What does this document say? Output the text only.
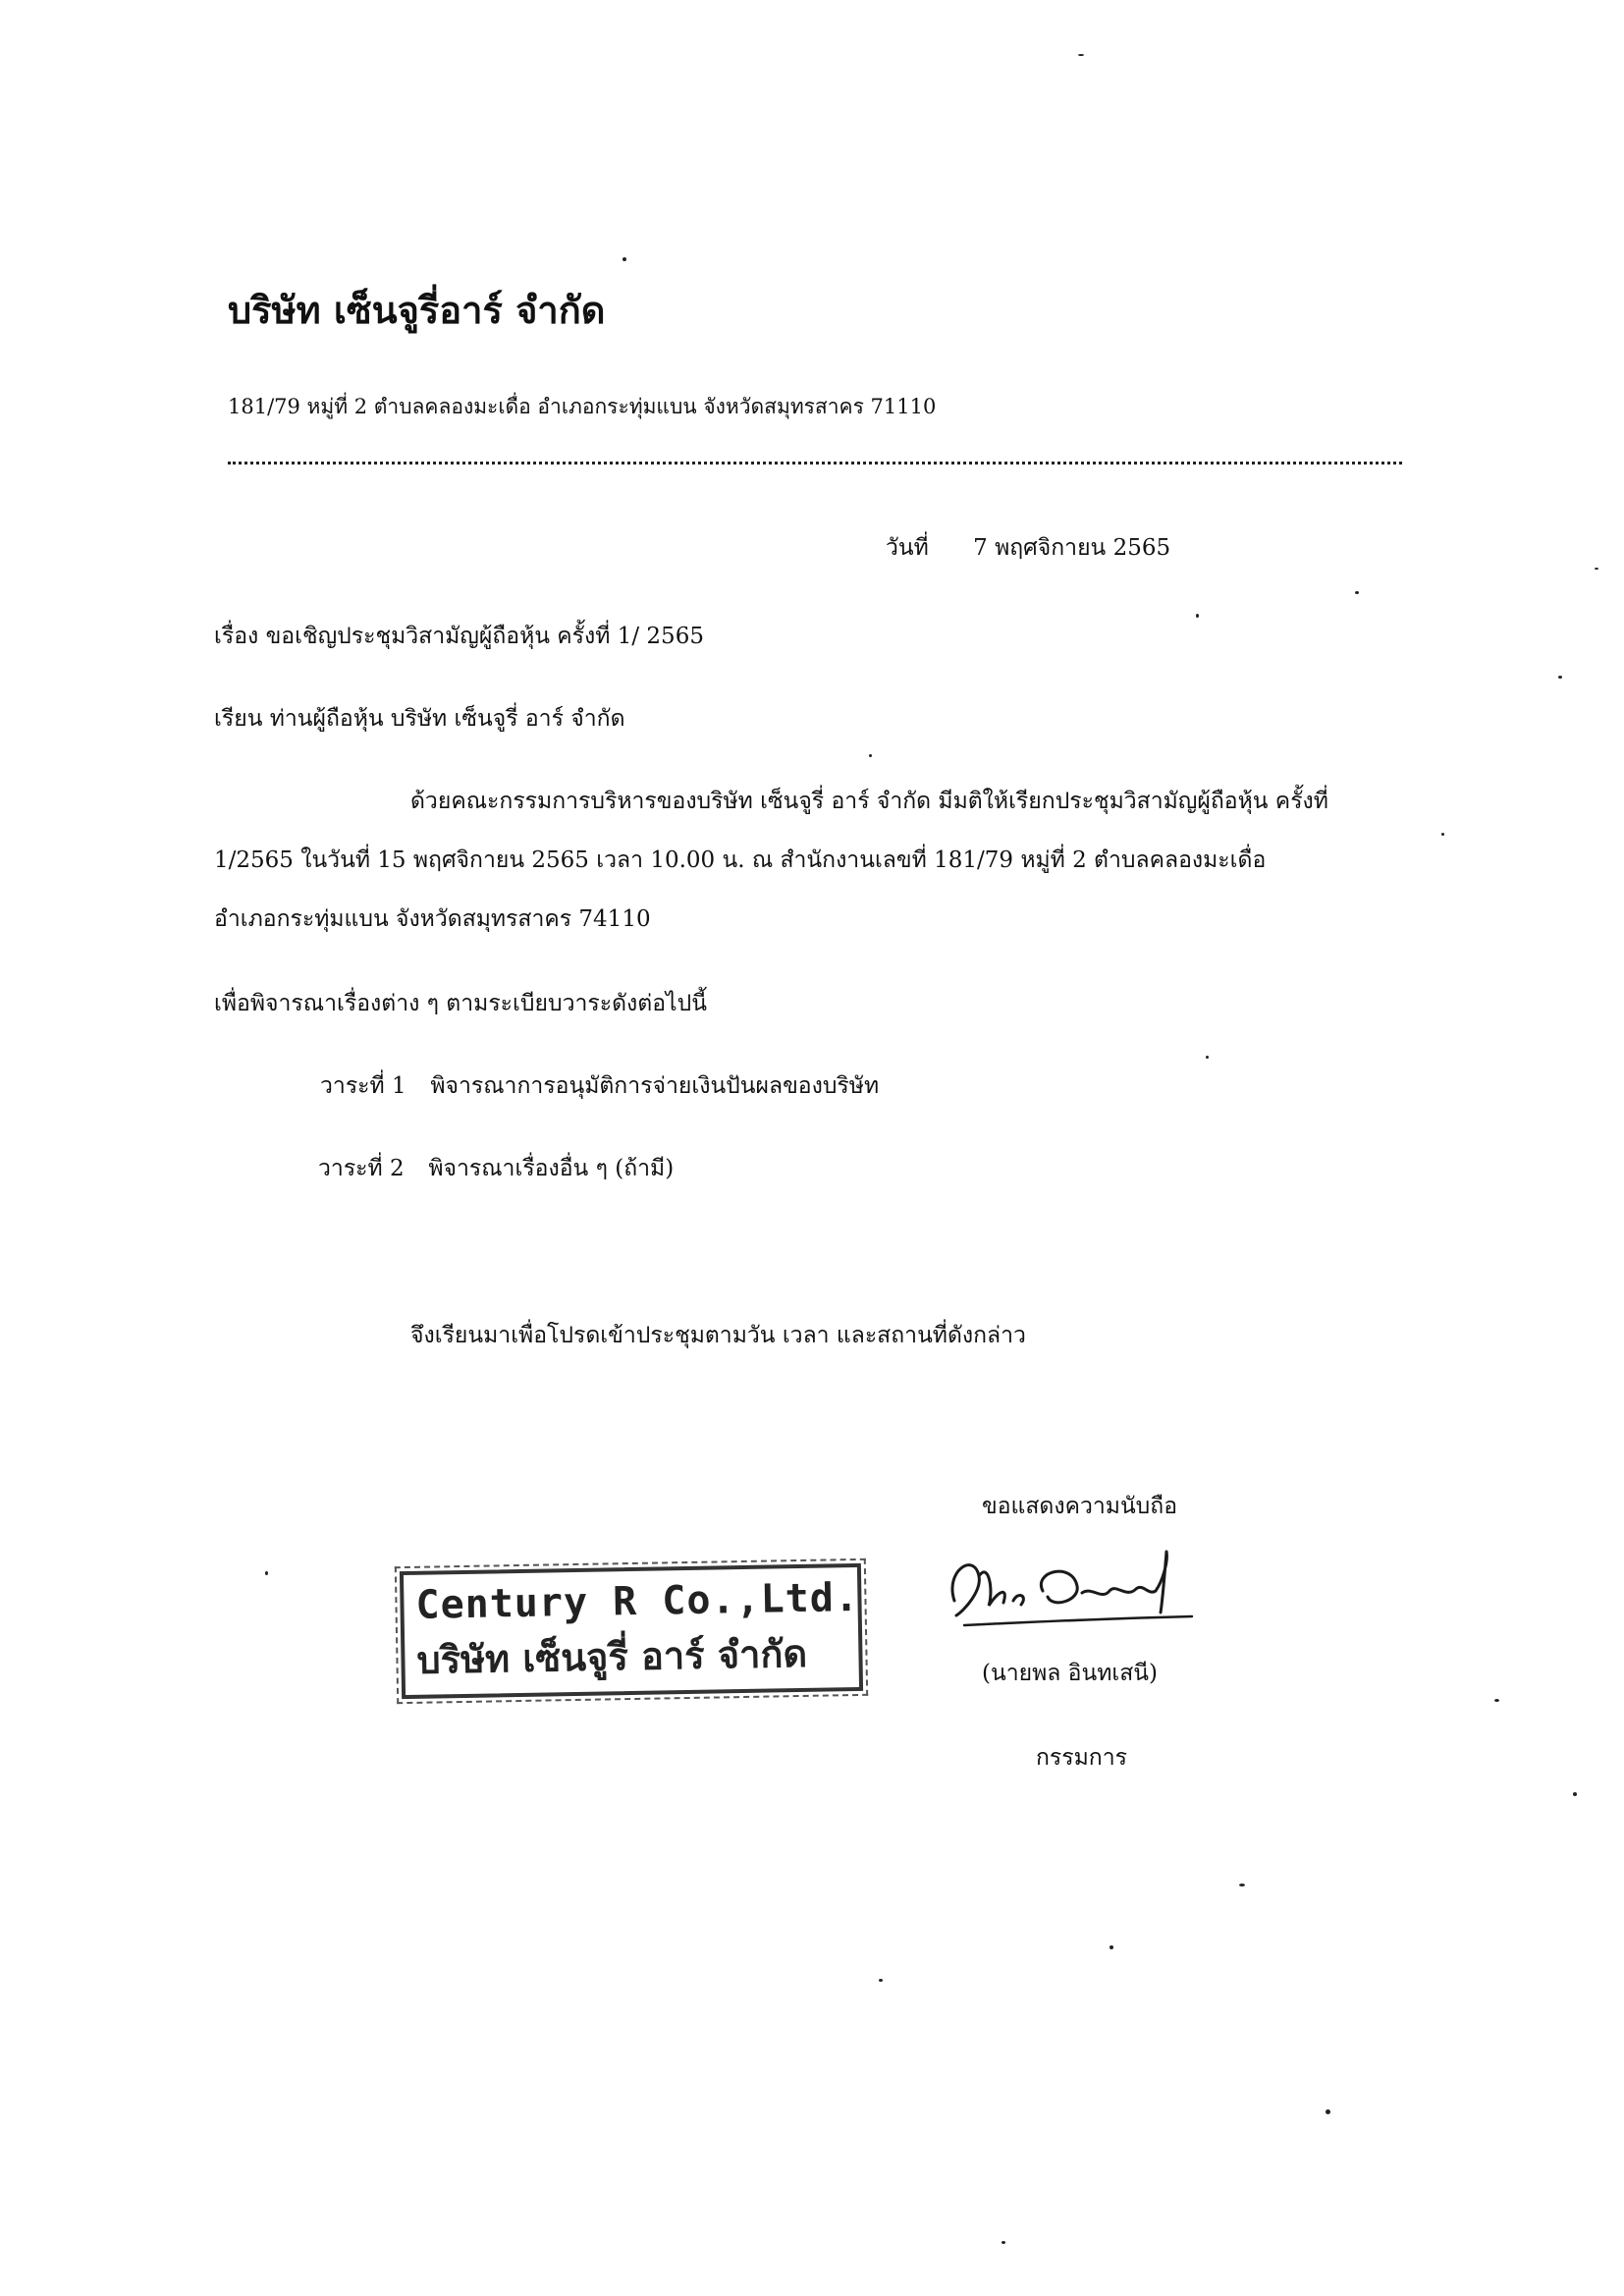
บริษัท เซ็นจูรี่อาร์ จำกัด
181/79 หมู่ที่ 2 ตำบลคลองมะเดื่อ อำเภอกระทุ่มแบน จังหวัดสมุทรสาคร 71110
วันที่ 7 พฤศจิกายน 2565
เรื่อง ขอเชิญประชุมวิสามัญผู้ถือหุ้น ครั้งที่ 1/ 2565
เรียน ท่านผู้ถือหุ้น บริษัท เซ็นจูรี่ อาร์ จำกัด
ด้วยคณะกรรมการบริหารของบริษัท เซ็นจูรี่ อาร์ จำกัด มีมติให้เรียกประชุมวิสามัญผู้ถือหุ้น ครั้งที่
1/2565 ในวันที่ 15 พฤศจิกายน 2565 เวลา 10.00 น. ณ สำนักงานเลขที่ 181/79 หมู่ที่ 2 ตำบลคลองมะเดื่อ
อำเภอกระทุ่มแบน จังหวัดสมุทรสาคร 74110
เพื่อพิจารณาเรื่องต่าง ๆ ตามระเบียบวาระดังต่อไปนี้
วาระที่ 1 พิจารณาการอนุมัติการจ่ายเงินปันผลของบริษัท
วาระที่ 2 พิจารณาเรื่องอื่น ๆ (ถ้ามี)
จึงเรียนมาเพื่อโปรดเข้าประชุมตามวัน เวลา และสถานที่ดังกล่าว
ขอแสดงความนับถือ
Century R Co.,Ltd.
บริษัท เซ็นจูรี่ อาร์ จำกัด	(นายพล อินทเสนี)
กรรมการ
